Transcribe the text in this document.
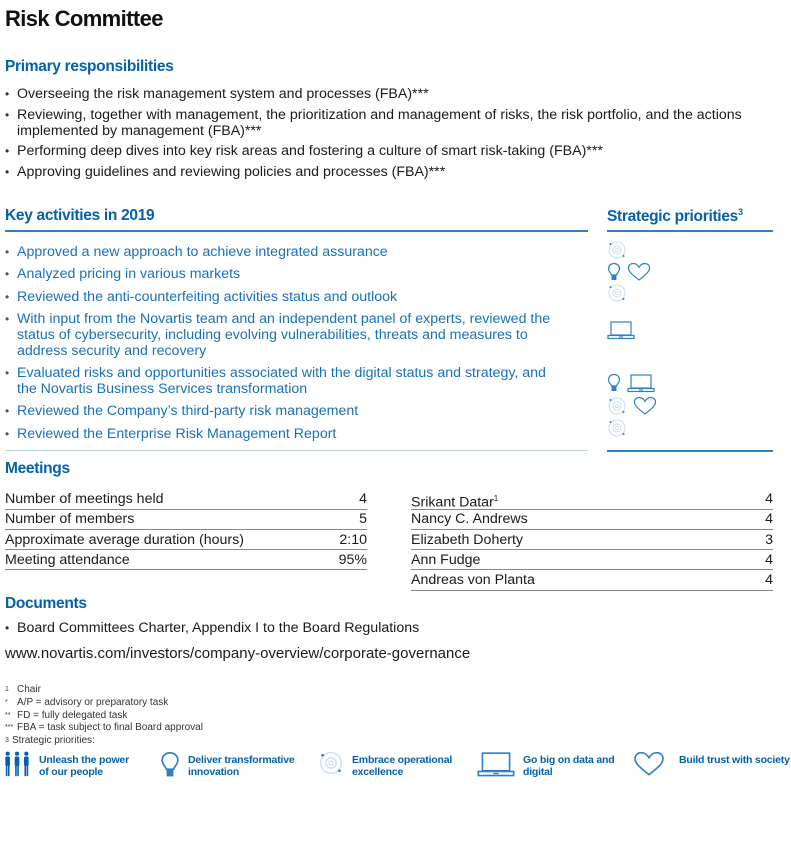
Risk Committee
Primary responsibilities
• Overseeing the risk management system and processes (FBA)***
• Reviewing, together with management, the prioritization and management of risks, the risk portfolio, and the actions implemented by management (FBA)***
• Performing deep dives into key risk areas and fostering a culture of smart risk-taking (FBA)***
• Approving guidelines and reviewing policies and processes (FBA)***
Key activities in 2019	Strategic priorities$^3$
• Approved a new approach to achieve integrated assurance
• Analyzed pricing in various markets
• Reviewed the anti-counterfeiting activities status and outlook
• With input from the Novartis team and an independent panel of experts, reviewed the status of cybersecurity, including evolving vulnerabilities, threats and measures to address security and recovery
• Evaluated risks and opportunities associated with the digital status and strategy, and the Novartis Business Services transformation
• Reviewed the Company’s third-party risk management
• Reviewed the Enterprise Risk Management Report
Meetings
Number of meetings held	4
Number of members	5
Approximate average duration (hours)	2:10
Meeting attendance	95%
Srikant Datar$^1$	4
Nancy C. Andrews	4
Elizabeth Doherty	3
Ann Fudge	4
Andreas von Planta	4
Documents
• Board Committees Charter, Appendix I to the Board Regulations
www.novartis.com/investors/company-overview/corporate-governance
1 Chair
* A/P = advisory or preparatory task
** FD = fully delegated task
*** FBA = task subject to final Board approval
3 Strategic priorities:
Unleash the power of our people
Deliver transformative innovation
Embrace operational excellence
Go big on data and digital
Build trust with society
